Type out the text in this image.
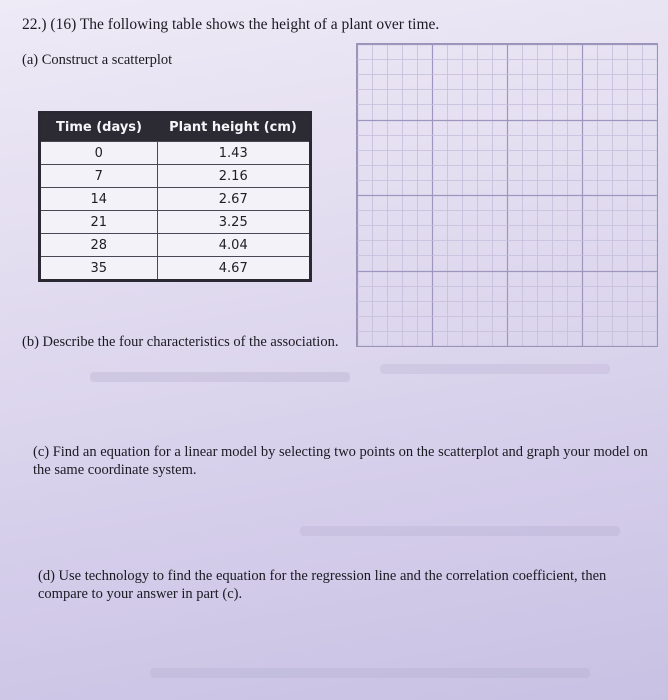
22.) (16) The following table shows the height of a plant over time.
(a) Construct a scatterplot
Time (days)	Plant height (cm)
0	1.43
7	2.16
14	2.67
21	3.25
28	4.04
35	4.67
(b) Describe the four characteristics of the association.
(c) Find an equation for a linear model by selecting two points on the scatterplot and graph your model on the same coordinate system.
(d) Use technology to find the equation for the regression line and the correlation coefficient, then compare to your answer in part (c).
